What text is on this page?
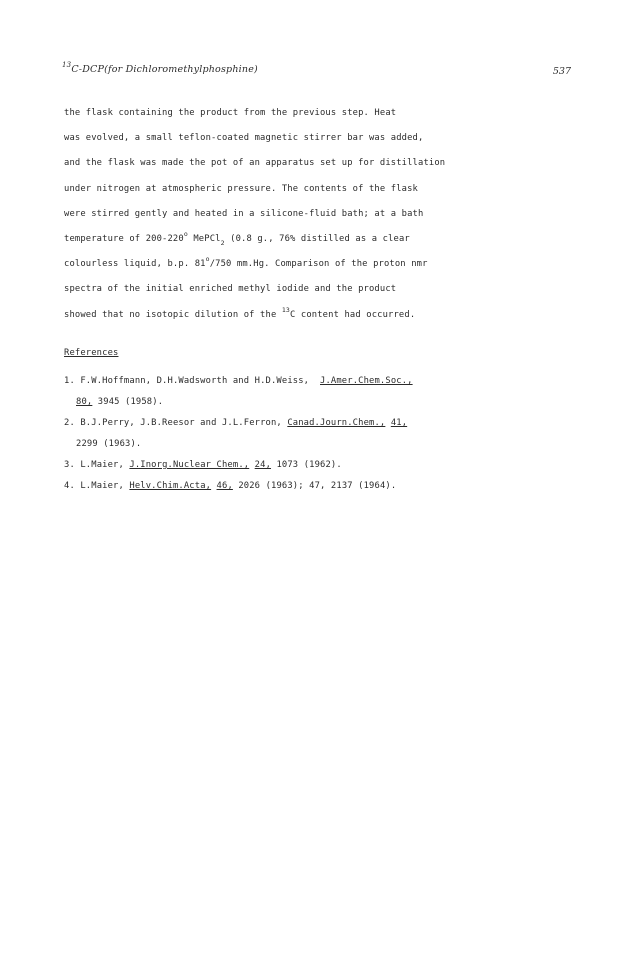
$^{13}$C-DCP(for Dichloromethylphosphine)	537
the flask containing the product from the previous step. Heat
was evolved, a small teflon-coated magnetic stirrer bar was added,
and the flask was made the pot of an apparatus set up for distillation
under nitrogen at atmospheric pressure. The contents of the flask
were stirred gently and heated in a silicone-fluid bath; at a bath
temperature of 200-220$^o$ MePCl$_2$ (0.8 g., 76% distilled as a clear
colourless liquid, b.p. 81$^o$/750 mm.Hg. Comparison of the proton nmr
spectra of the initial enriched methyl iodide and the product
showed that no isotopic dilution of the $^{13}$C content had occurred.
References
1. F.W.Hoffmann, D.H.Wadsworth and H.D.Weiss, J.Amer.Chem.Soc.,
80, 3945 (1958).
2. B.J.Perry, J.B.Reesor and J.L.Ferron, Canad.Journ.Chem., 41,
2299 (1963).
3. L.Maier, J.Inorg.Nuclear Chem., 24, 1073 (1962).
4. L.Maier, Helv.Chim.Acta, 46, 2026 (1963); 47, 2137 (1964).
